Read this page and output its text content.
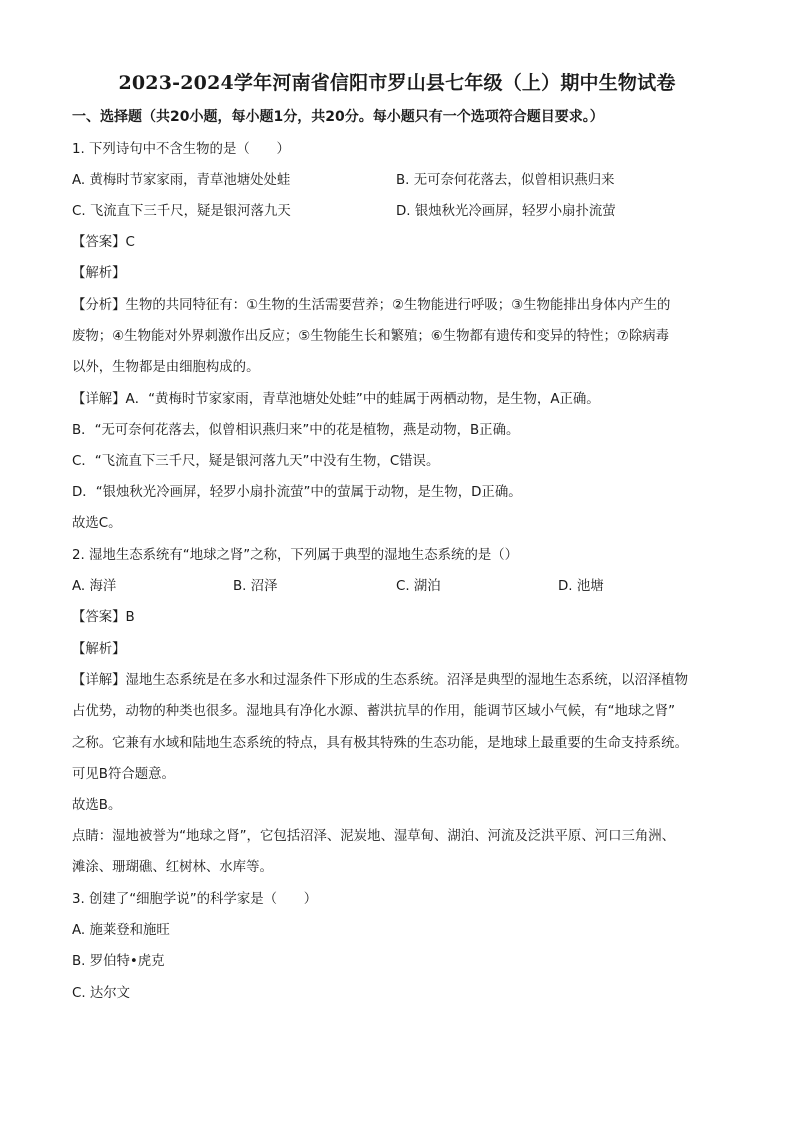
2023-2024学年河南省信阳市罗山县七年级（上）期中生物试卷
一、选择题（共20小题，每小题1分，共20分。每小题只有一个选项符合题目要求。）
1. 下列诗句中不含生物的是（　　）
A. 黄梅时节家家雨，青草池塘处处蛙	B. 无可奈何花落去，似曾相识燕归来
C. 飞流直下三千尺，疑是银河落九天	D. 银烛秋光冷画屏，轻罗小扇扑流萤
【答案】C
【解析】
【分析】生物的共同特征有：①生物的生活需要营养；②生物能进行呼吸；③生物能排出身体内产生的
废物；④生物能对外界刺激作出反应；⑤生物能生长和繁殖；⑥生物都有遗传和变异的特性；⑦除病毒
以外，生物都是由细胞构成的。
【详解】A．“黄梅时节家家雨，青草池塘处处蛙”中的蛙属于两栖动物，是生物，A正确。
B．“无可奈何花落去，似曾相识燕归来”中的花是植物，燕是动物，B正确。
C．“飞流直下三千尺，疑是银河落九天”中没有生物，C错误。
D．“银烛秋光冷画屏，轻罗小扇扑流萤”中的萤属于动物，是生物，D正确。
故选C。
2. 湿地生态系统有“地球之肾”之称，下列属于典型的湿地生态系统的是（）
A. 海洋	B. 沼泽	C. 湖泊	D. 池塘
【答案】B
【解析】
【详解】湿地生态系统是在多水和过湿条件下形成的生态系统。沼泽是典型的湿地生态系统，以沼泽植物
占优势，动物的种类也很多。湿地具有净化水源、蓄洪抗旱的作用，能调节区域小气候，有“地球之肾”
之称。它兼有水域和陆地生态系统的特点，具有极其特殊的生态功能，是地球上最重要的生命支持系统。
可见B符合题意。
故选B。
点睛：湿地被誉为“地球之肾”，它包括沼泽、泥炭地、湿草甸、湖泊、河流及泛洪平原、河口三角洲、
滩涂、珊瑚礁、红树林、水库等。
3. 创建了“细胞学说”的科学家是（　　）
A. 施莱登和施旺
B. 罗伯特•虎克
C. 达尔文
